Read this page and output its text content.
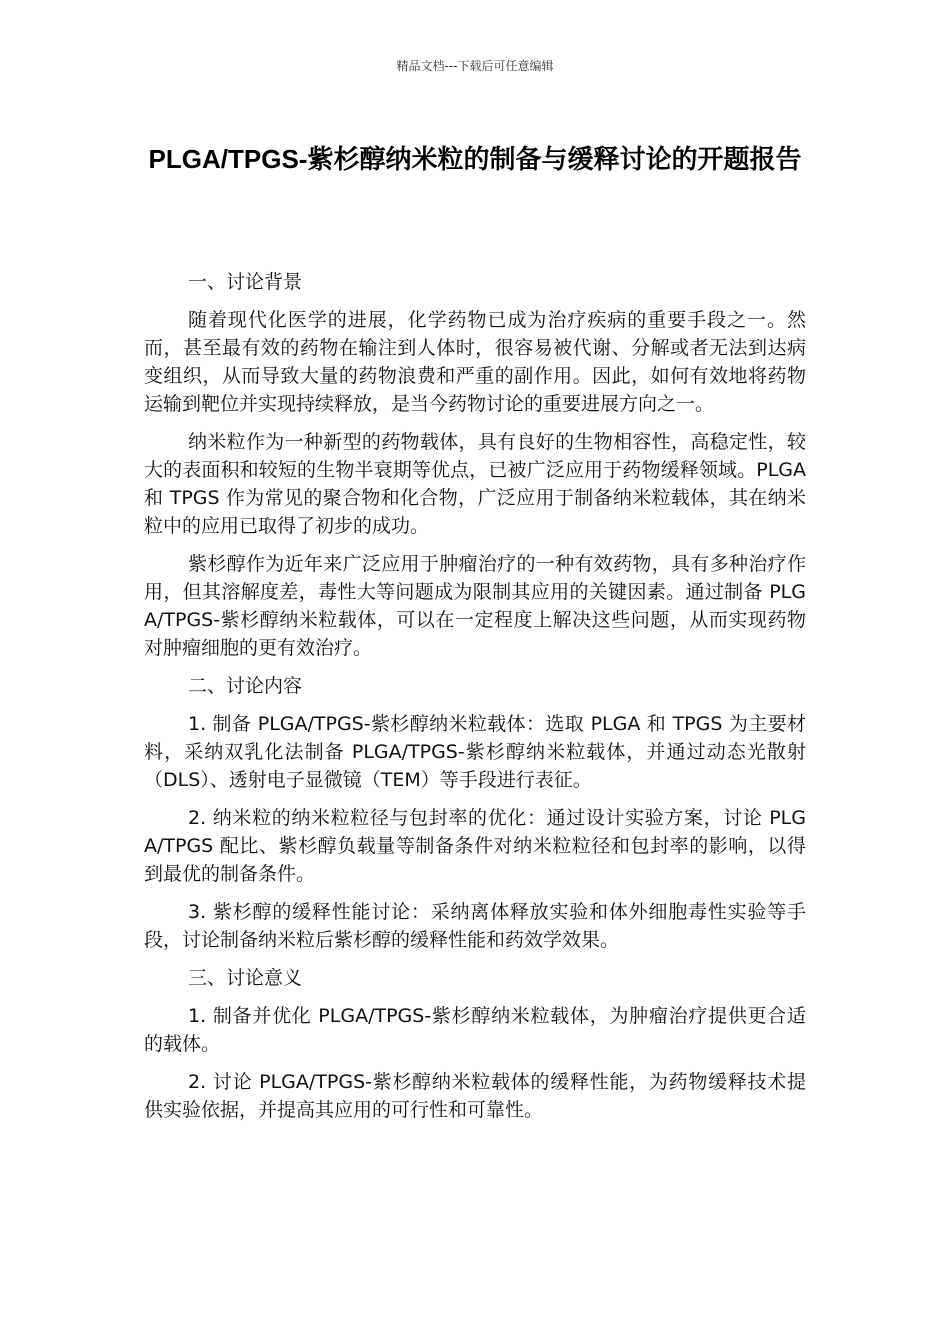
精品文档---下载后可任意编辑
PLGA/TPGS-紫杉醇纳米粒的制备与缓释讨论的开题报告

一、讨论背景

随着现代化医学的进展，化学药物已成为治疗疾病的重要手段之一。然而，甚至最有效的药物在输注到人体时，很容易被代谢、分解或者无法到达病变组织，从而导致大量的药物浪费和严重的副作用。因此，如何有效地将药物运输到靶位并实现持续释放，是当今药物讨论的重要进展方向之一。

纳米粒作为一种新型的药物载体，具有良好的生物相容性，高稳定性，较大的表面积和较短的生物半衰期等优点，已被广泛应用于药物缓释领域。PLGA 和 TPGS 作为常见的聚合物和化合物，广泛应用于制备纳米粒载体，其在纳米粒中的应用已取得了初步的成功。

紫杉醇作为近年来广泛应用于肿瘤治疗的一种有效药物，具有多种治疗作用，但其溶解度差，毒性大等问题成为限制其应用的关键因素。通过制备 PLGA/TPGS-紫杉醇纳米粒载体，可以在一定程度上解决这些问题，从而实现药物对肿瘤细胞的更有效治疗。

二、讨论内容

1. 制备 PLGA/TPGS-紫杉醇纳米粒载体：选取 PLGA 和 TPGS 为主要材料，采纳双乳化法制备 PLGA/TPGS-紫杉醇纳米粒载体，并通过动态光散射（DLS）、透射电子显微镜（TEM）等手段进行表征。

2. 纳米粒的纳米粒粒径与包封率的优化：通过设计实验方案，讨论 PLGA/TPGS 配比、紫杉醇负载量等制备条件对纳米粒粒径和包封率的影响，以得到最优的制备条件。

3. 紫杉醇的缓释性能讨论：采纳离体释放实验和体外细胞毒性实验等手段，讨论制备纳米粒后紫杉醇的缓释性能和药效学效果。

三、讨论意义

1. 制备并优化 PLGA/TPGS-紫杉醇纳米粒载体，为肿瘤治疗提供更合适的载体。

2. 讨论 PLGA/TPGS-紫杉醇纳米粒载体的缓释性能，为药物缓释技术提供实验依据，并提高其应用的可行性和可靠性。
